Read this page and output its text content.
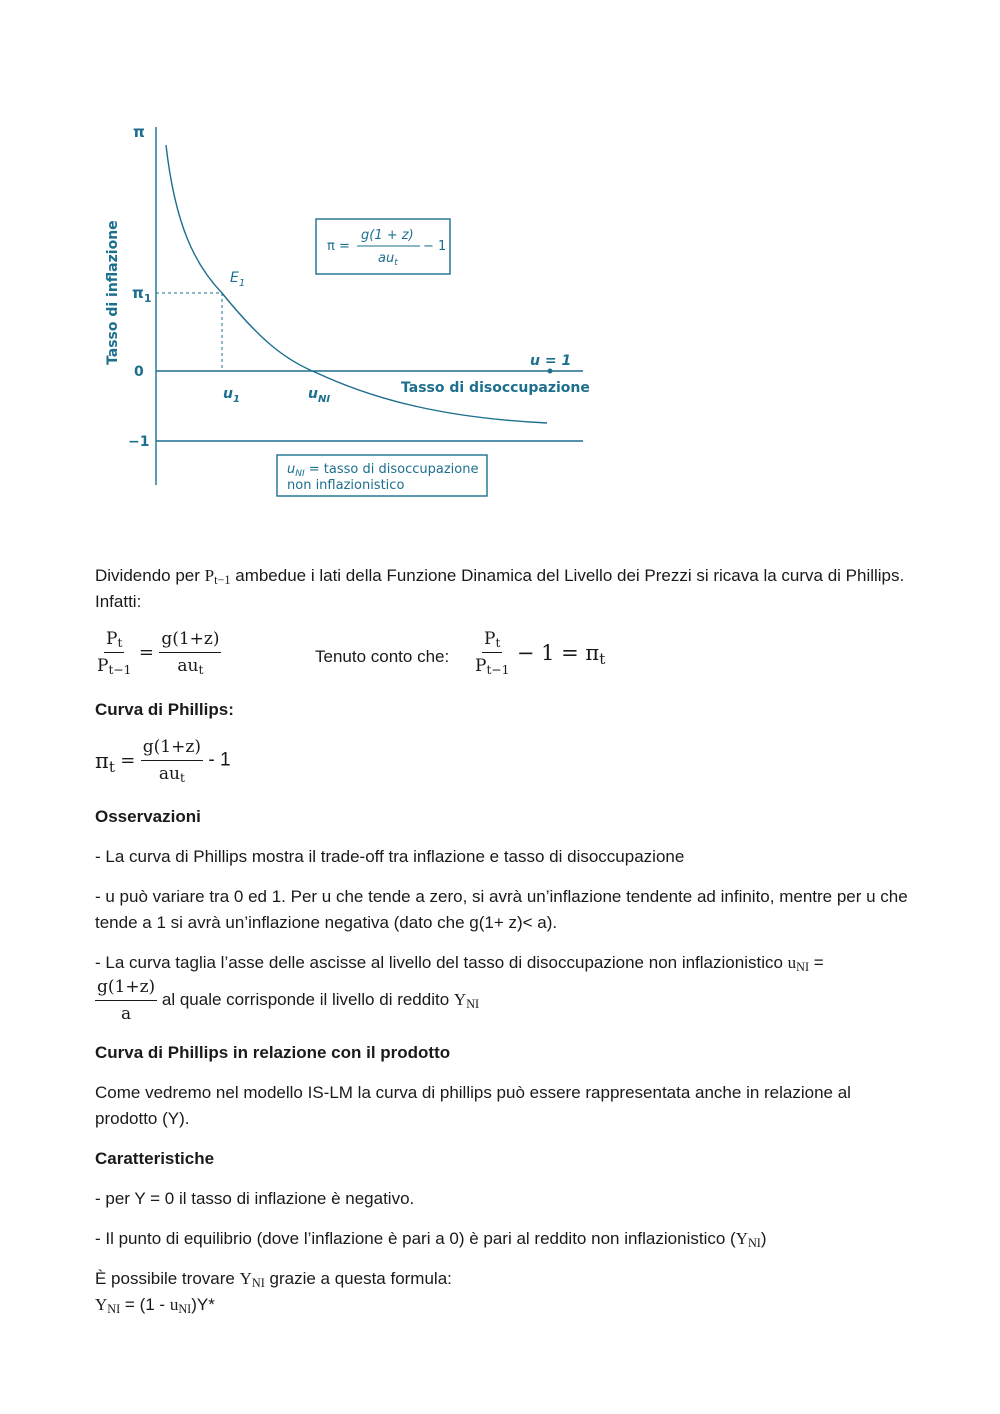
π
Tasso di inflazione $\pi_1$
0
−1
$u_1$	$u_{NI}$
Tasso di disoccupazione
u = 1
$E_1$
π =
g(1 + z)
$au_t$
− 1
$u_{NI}$ = tasso di disoccupazione
non inflazionistico
Dividendo per $P_{t-1}$ ambedue i lati della Funzione Dinamica del Livello dei Prezzi si ricava la curva di Phillips. Infatti:
$\frac{P_t}{P_{t-1}} = \frac{g(1+z)}{au_t}$	Tenuto conto che: $\frac{P_t}{P_{t-1}} - 1 = \pi_t$
Curva di Phillips:
$\pi_t = \frac{g(1+z)}{au_t} - 1$
Osservazioni
- La curva di Phillips mostra il trade-off tra inflazione e tasso di disoccupazione
- u può variare tra 0 ed 1. Per u che tende a zero, si avrà un’inflazione tendente ad infinito, mentre per u che tende a 1 si avrà un’inflazione negativa (dato che g(1+ z)< a).
- La curva taglia l’asse delle ascisse al livello del tasso di disoccupazione non inflazionistico $u_{NI}$ =
$\frac{g(1+z)}{a}$ al quale corrisponde il livello di reddito $Y_{NI}$
Curva di Phillips in relazione con il prodotto
Come vedremo nel modello IS-LM la curva di phillips può essere rappresentata anche in relazione al prodotto (Y).
Caratteristiche
- per Y = 0 il tasso di inflazione è negativo.
- Il punto di equilibrio (dove l’inflazione è pari a 0) è pari al reddito non inflazionistico $(Y_{NI})$
È possibile trovare $Y_{NI}$ grazie a questa formula:
$Y_{NI} = (1 - u_{NI})Y*$
